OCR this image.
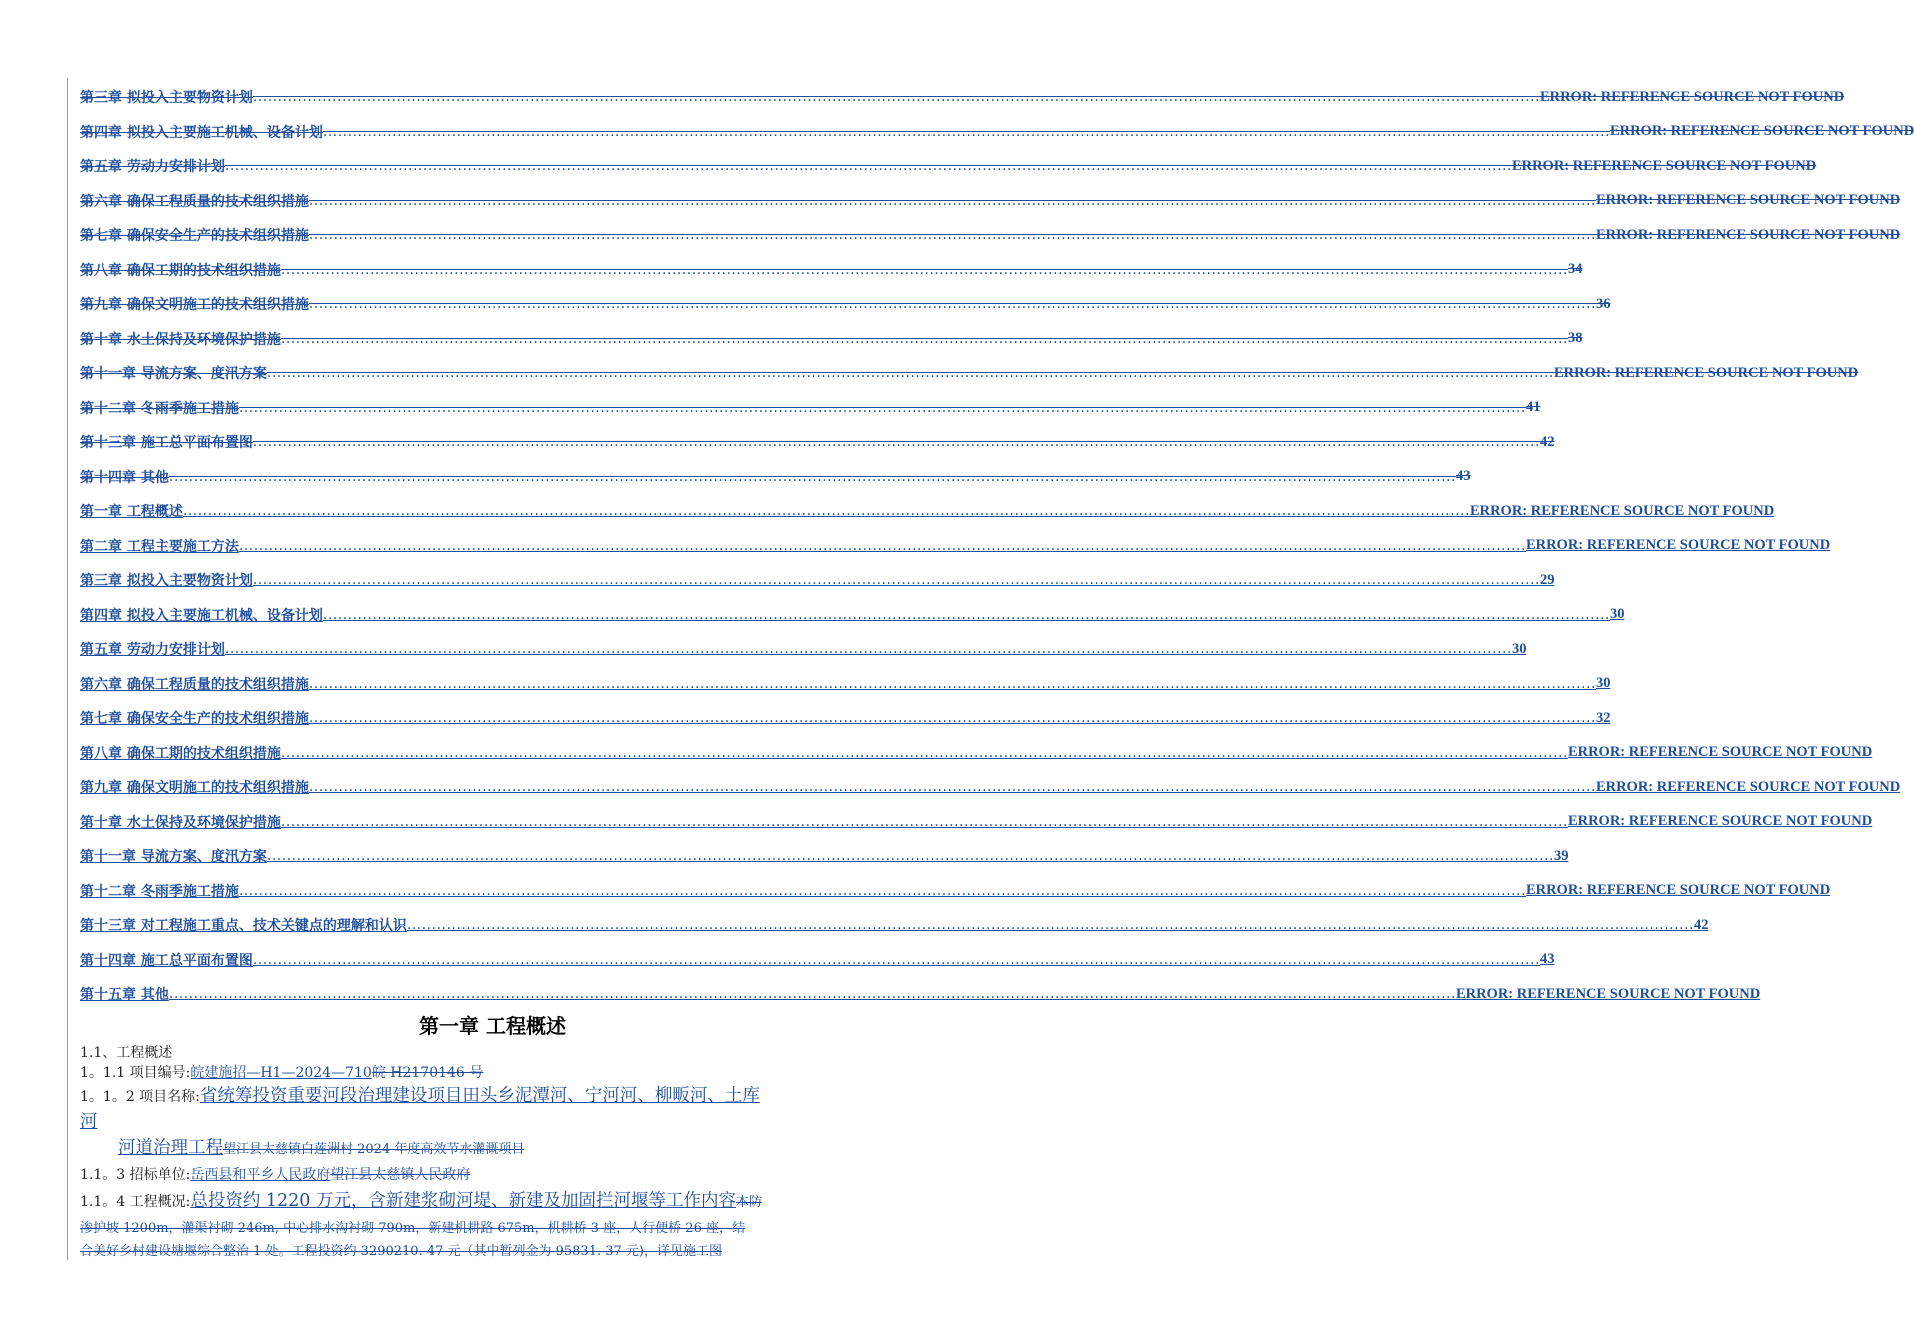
第三章 拟投入主要物资计划 .................................................................................................................................................................................................................................................................... ERROR: REFERENCE SOURCE NOT FOUND
第四章 拟投入主要施工机械、设备计划 .................................................................................................................................................................................................................................................................... ERROR: REFERENCE SOURCE NOT FOUND
第五章 劳动力安排计划 .................................................................................................................................................................................................................................................................... ERROR: REFERENCE SOURCE NOT FOUND
第六章 确保工程质量的技术组织措施 .................................................................................................................................................................................................................................................................... ERROR: REFERENCE SOURCE NOT FOUND
第七章 确保安全生产的技术组织措施 .................................................................................................................................................................................................................................................................... ERROR: REFERENCE SOURCE NOT FOUND
第八章 确保工期的技术组织措施 .................................................................................................................................................................................................................................................................... 34
第九章 确保文明施工的技术组织措施 .................................................................................................................................................................................................................................................................... 36
第十章 水土保持及环境保护措施 .................................................................................................................................................................................................................................................................... 38
第十一章 导流方案、度汛方案 .................................................................................................................................................................................................................................................................... ERROR: REFERENCE SOURCE NOT FOUND
第十二章 冬雨季施工措施 .................................................................................................................................................................................................................................................................... 41
第十三章 施工总平面布置图 .................................................................................................................................................................................................................................................................... 42
第十四章 其他 .................................................................................................................................................................................................................................................................... 43
第一章 工程概述 .................................................................................................................................................................................................................................................................... ERROR: REFERENCE SOURCE NOT FOUND
第二章 工程主要施工方法 .................................................................................................................................................................................................................................................................... ERROR: REFERENCE SOURCE NOT FOUND
第三章 拟投入主要物资计划 .................................................................................................................................................................................................................................................................... 29
第四章 拟投入主要施工机械、设备计划 .................................................................................................................................................................................................................................................................... 30
第五章 劳动力安排计划 .................................................................................................................................................................................................................................................................... 30
第六章 确保工程质量的技术组织措施 .................................................................................................................................................................................................................................................................... 30
第七章 确保安全生产的技术组织措施 .................................................................................................................................................................................................................................................................... 32
第八章 确保工期的技术组织措施 .................................................................................................................................................................................................................................................................... ERROR: REFERENCE SOURCE NOT FOUND
第九章 确保文明施工的技术组织措施 .................................................................................................................................................................................................................................................................... ERROR: REFERENCE SOURCE NOT FOUND
第十章 水土保持及环境保护措施 .................................................................................................................................................................................................................................................................... ERROR: REFERENCE SOURCE NOT FOUND
第十一章 导流方案、度汛方案 .................................................................................................................................................................................................................................................................... 39
第十二章 冬雨季施工措施 .................................................................................................................................................................................................................................................................... ERROR: REFERENCE SOURCE NOT FOUND
第十三章 对工程施工重点、技术关键点的理解和认识 .................................................................................................................................................................................................................................................................... 42
第十四章 施工总平面布置图 .................................................................................................................................................................................................................................................................... 43
第十五章 其他 .................................................................................................................................................................................................................................................................... ERROR: REFERENCE SOURCE NOT FOUND
第一章 工程概述
1.1、工程概述
1。1.1 项目编号:皖建施招—H1—2024—710皖 H2170146 号
1。1。2 项目名称:省统筹投资重要河段治理建设项目田头乡泥潭河、宁河河、柳畈河、土库
河
河道治理工程望江县太慈镇白莲洲村 2024 年度高效节水灌溉项目
1.1。3 招标单位:岳西县和平乡人民政府望江县太慈镇人民政府
1.1。4 工程概况:总投资约 1220 万元，含新建浆砌河堤、新建及加固拦河堰等工作内容本防
渗护坡 1200m，灌渠衬砌 246m, 中心排水沟衬砌 790m，新建机耕路 675m，机耕桥 3 座，人行便桥 26 座，结
合美好乡村建设塘堰综合整治 1 处。工程投资约 3290210. 47 元（其中暂列金为 95831. 37 元)，详见施工图
